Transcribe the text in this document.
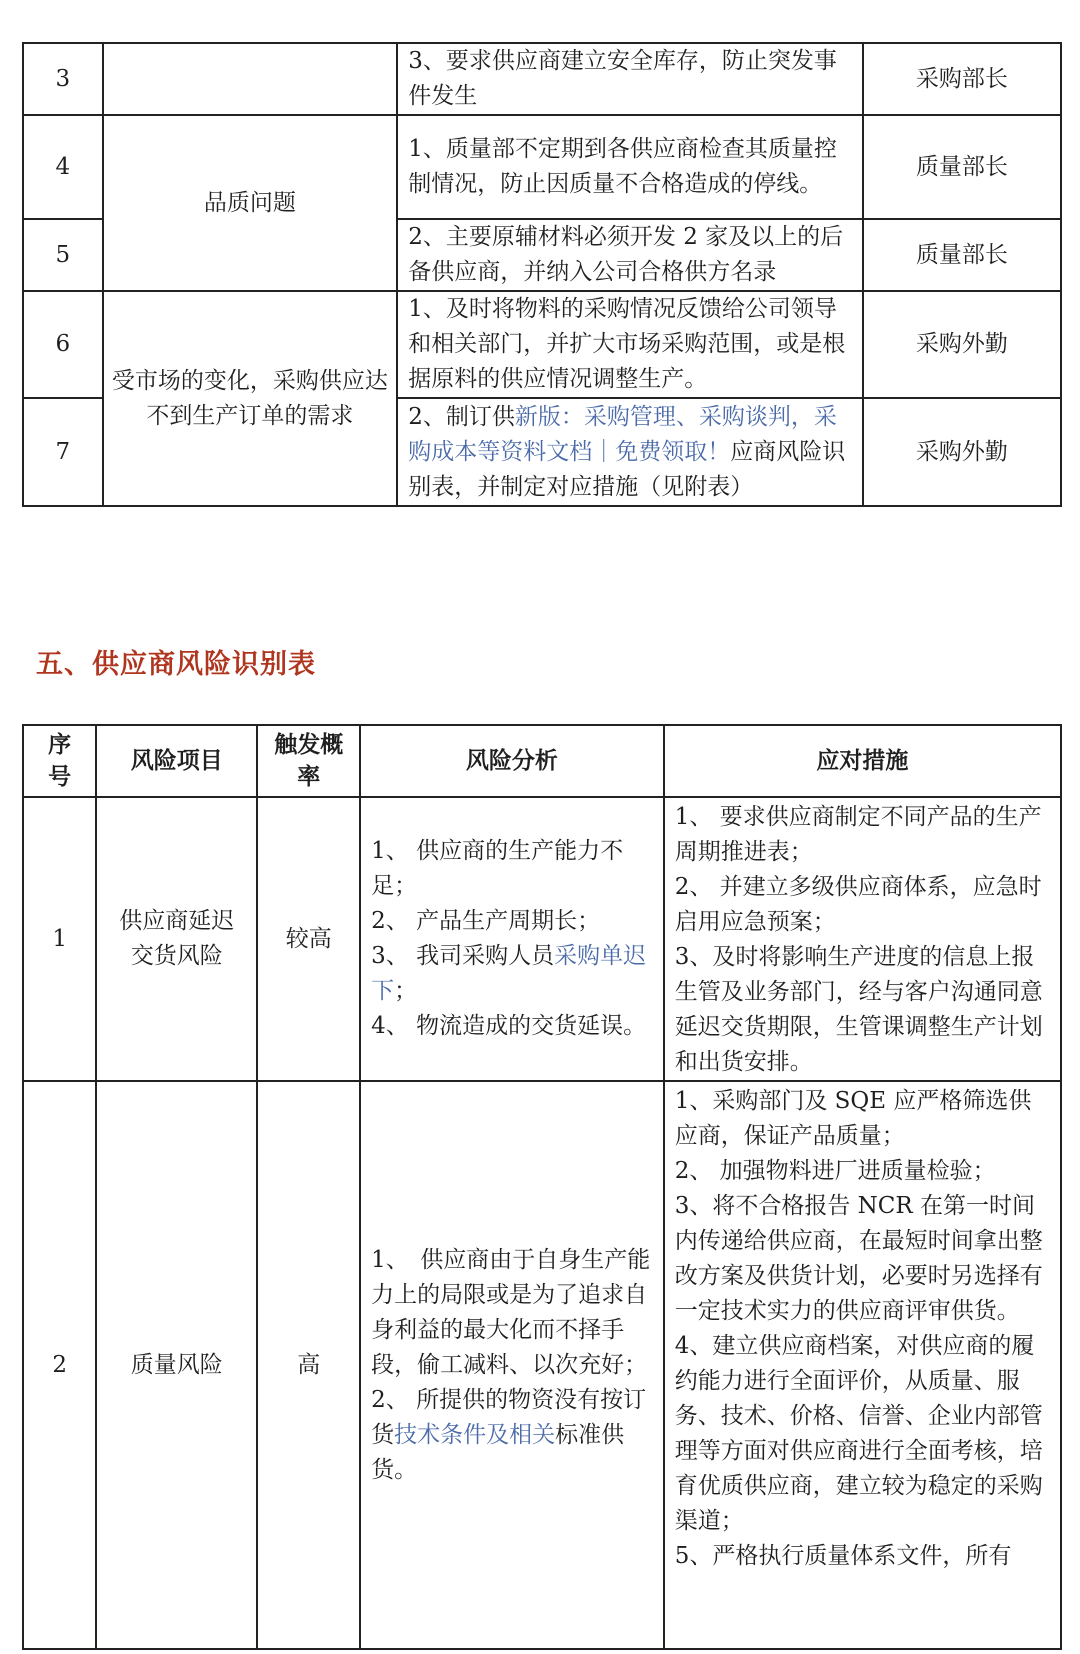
3		3、要求供应商建立安全库存，防止突发事件发生	采购部长
4	品质问题	1、质量部不定期到各供应商检查其质量控制情况，防止因质量不合格造成的停线。	质量部长
5		2、主要原辅材料必须开发 2 家及以上的后备供应商，并纳入公司合格供方名录	质量部长
6	受市场的变化，采购供应达不到生产订单的需求	1、及时将物料的采购情况反馈给公司领导和相关部门，并扩大市场采购范围，或是根据原料的供应情况调整生产。	采购外勤
7		2、制订供新版：采购管理、采购谈判，采购成本等资料文档｜免费领取！应商风险识别表，并制定对应措施（见附表）	采购外勤
五、供应商风险识别表
序号	风险项目	触发概率	风险分析	应对措施
1	供应商延迟交货风险	较高	1、 供应商的生产能力不足；
2、 产品生产周期长；
3、 我司采购人员采购单迟下；
4、 物流造成的交货延误。	1、 要求供应商制定不同产品的生产周期推进表；
2、 并建立多级供应商体系，应急时启用应急预案；
3、及时将影响生产进度的信息上报生管及业务部门，经与客户沟通同意延迟交货期限，生管课调整生产计划和出货安排。

2	质量风险	高	1、　供应商由于自身生产能力上的局限或是为了追求自身利益的最大化而不择手段，偷工减料、以次充好；
2、 所提供的物资没有按订货技术条件及相关标准供货。	1、采购部门及 SQE 应严格筛选供应商，保证产品质量；
2、 加强物料进厂进质量检验；
3、将不合格报告 NCR 在第一时间内传递给供应商，在最短时间拿出整改方案及供货计划，必要时另选择有一定技术实力的供应商评审供货。
4、建立供应商档案，对供应商的履约能力进行全面评价，从质量、服务、技术、价格、信誉、企业内部管理等方面对供应商进行全面考核，培育优质供应商，建立较为稳定的采购渠道；
5、严格执行质量体系文件，所有
